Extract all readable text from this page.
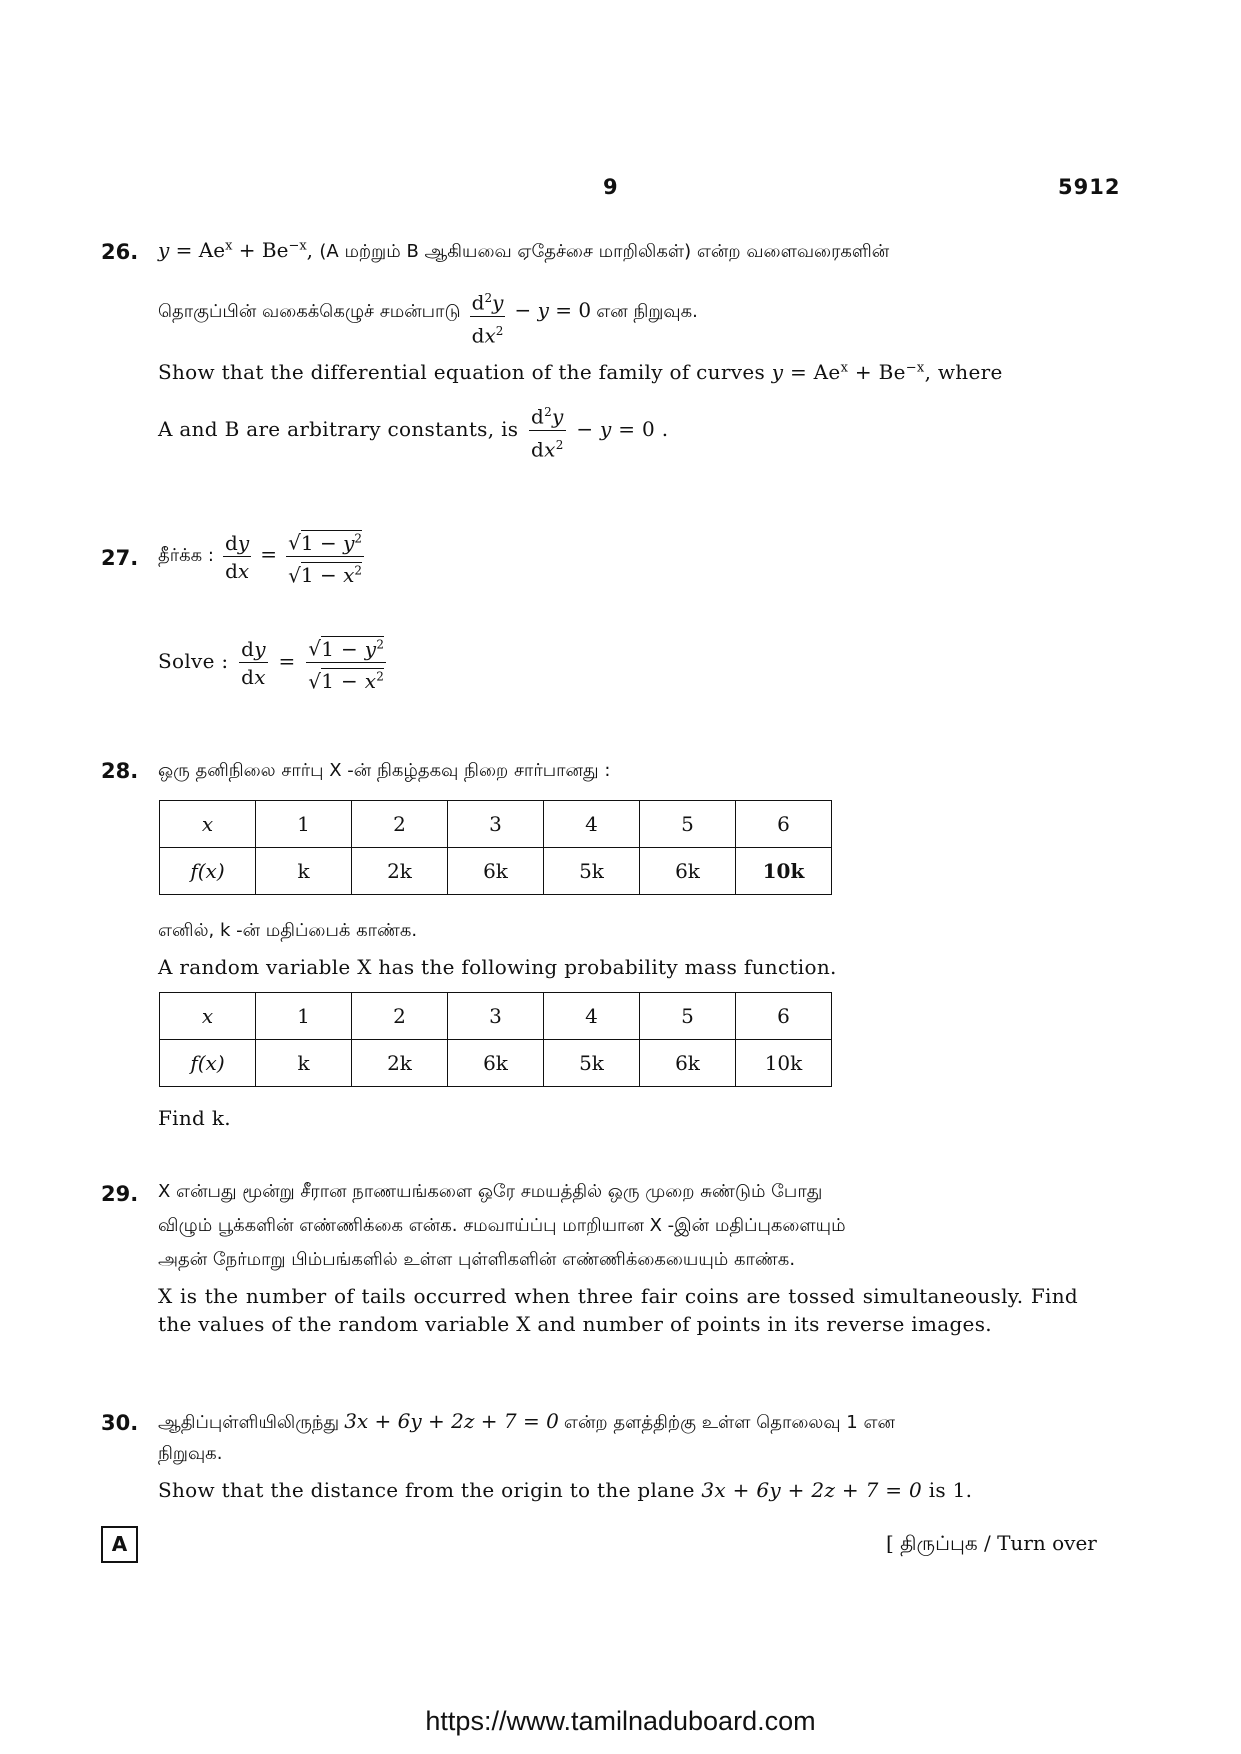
9	5912
26. $y = Ae^x + Be^{-x}$, (A மற்றும் B ஆகியவை ஏதேச்சை மாறிலிகள்) என்ற வளைவரைகளின்
தொகுப்பின் வகைக்கெழுச் சமன்பாடு $\frac{d^2y}{dx^2} - y = 0$ என நிறுவுக.
Show that the differential equation of the family of curves $y = Ae^x + Be^{-x}$, where
A and B are arbitrary constants, is $\frac{d^2y}{dx^2} - y = 0$ .
27. தீர்க்க : $\frac{dy}{dx} = \frac{√1 - y^2}{√1 - x^2}$
Solve : $\frac{dy}{dx} = \frac{√1 - y^2}{√1 - x^2}$
28. ஒரு தனிநிலை சார்பு X -ன் நிகழ்தகவு நிறை சார்பானது :
x	1	2	3	4	5	6
f(x)	k	2k	6k	5k	6k	10k
எனில், k -ன் மதிப்பைக் காண்க.
A random variable X has the following probability mass function.
x	1	2	3	4	5	6
f(x)	k	2k	6k	5k	6k	10k
Find k.
29. X என்பது மூன்று சீரான நாணயங்களை ஒரே சமயத்தில் ஒரு முறை சுண்டும் போது
விழும் பூக்களின் எண்ணிக்கை என்க. சமவாய்ப்பு மாறியான X -இன் மதிப்புகளையும்
அதன் நேர்மாறு பிம்பங்களில் உள்ள புள்ளிகளின் எண்ணிக்கையையும் காண்க.
X is the number of tails occurred when three fair coins are tossed simultaneously. Find the values of the random variable X and number of points in its reverse images.
30. ஆதிப்புள்ளியிலிருந்து 3x + 6y + 2z + 7 = 0 என்ற தளத்திற்கு உள்ள தொலைவு 1 என
நிறுவுக.
Show that the distance from the origin to the plane 3x + 6y + 2z + 7 = 0 is 1.
A	[ திருப்புக / Turn over
https://www.tamilnaduboard.com
